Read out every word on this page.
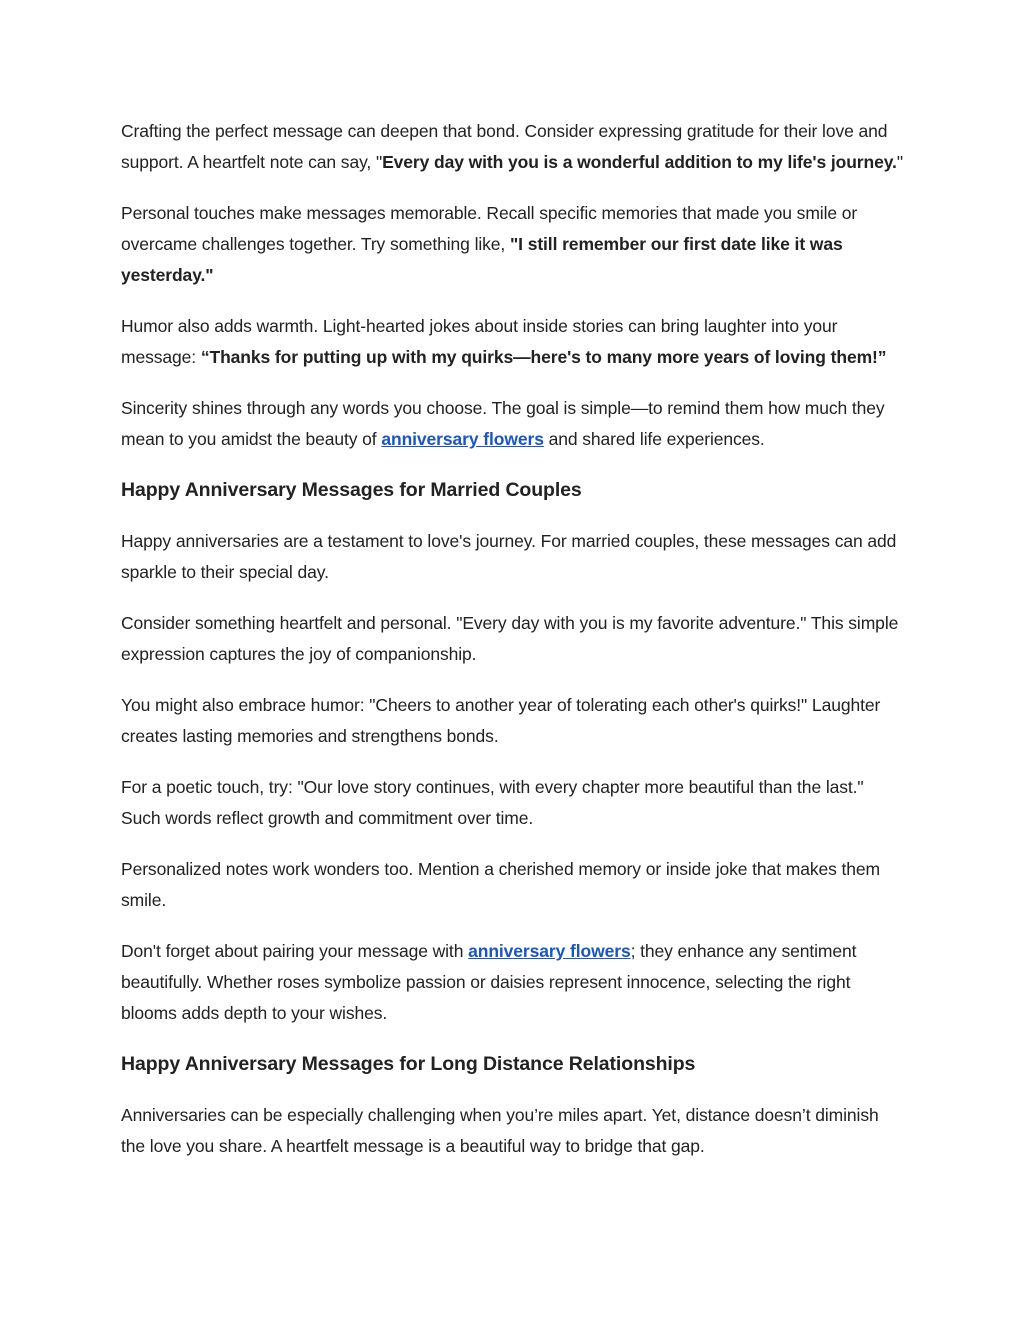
Crafting the perfect message can deepen that bond. Consider expressing gratitude for their love and support. A heartfelt note can say, "Every day with you is a wonderful addition to my life's journey."

Personal touches make messages memorable. Recall specific memories that made you smile or overcame challenges together. Try something like, "I still remember our first date like it was yesterday."

Humor also adds warmth. Light-hearted jokes about inside stories can bring laughter into your message: “Thanks for putting up with my quirks—here's to many more years of loving them!”

Sincerity shines through any words you choose. The goal is simple—to remind them how much they mean to you amidst the beauty of anniversary flowers and shared life experiences.

Happy Anniversary Messages for Married Couples

Happy anniversaries are a testament to love's journey. For married couples, these messages can add sparkle to their special day.

Consider something heartfelt and personal. "Every day with you is my favorite adventure." This simple expression captures the joy of companionship.

You might also embrace humor: "Cheers to another year of tolerating each other's quirks!" Laughter creates lasting memories and strengthens bonds.

For a poetic touch, try: "Our love story continues, with every chapter more beautiful than the last." Such words reflect growth and commitment over time.

Personalized notes work wonders too. Mention a cherished memory or inside joke that makes them smile.

Don't forget about pairing your message with anniversary flowers; they enhance any sentiment beautifully. Whether roses symbolize passion or daisies represent innocence, selecting the right blooms adds depth to your wishes.

Happy Anniversary Messages for Long Distance Relationships

Anniversaries can be especially challenging when you’re miles apart. Yet, distance doesn’t diminish the love you share. A heartfelt message is a beautiful way to bridge that gap.
